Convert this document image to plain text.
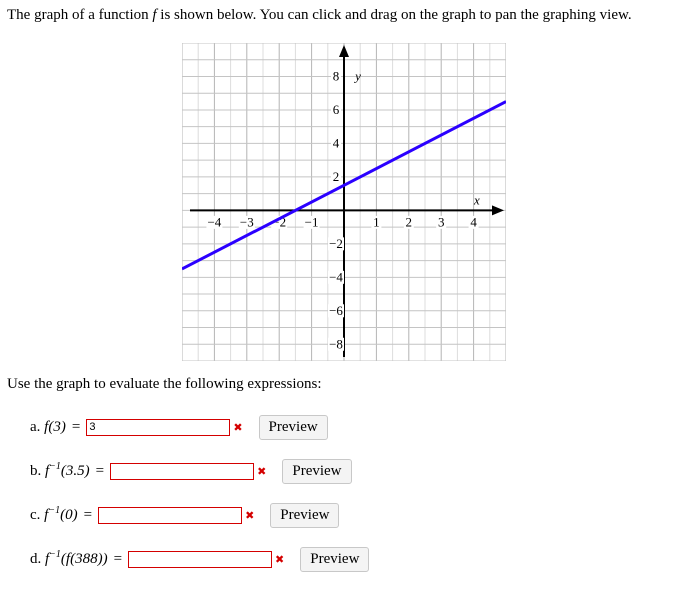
The graph of a function f is shown below. You can click and drag on the graph to pan the graphing view.
−4 −3 −2 −1	1 2 3 4
8
6
4
2
−2
−4
−6
−8
x
y
Use the graph to evaluate the following expressions:
a.
f(3) =
3	✖	Preview
b.
$f^{-1}(3.5)$ =	✖	Preview
c.
$f^{-1}(0)$ =	✖	Preview
d.
$f^{-1}(f(388))$ =	✖	Preview
